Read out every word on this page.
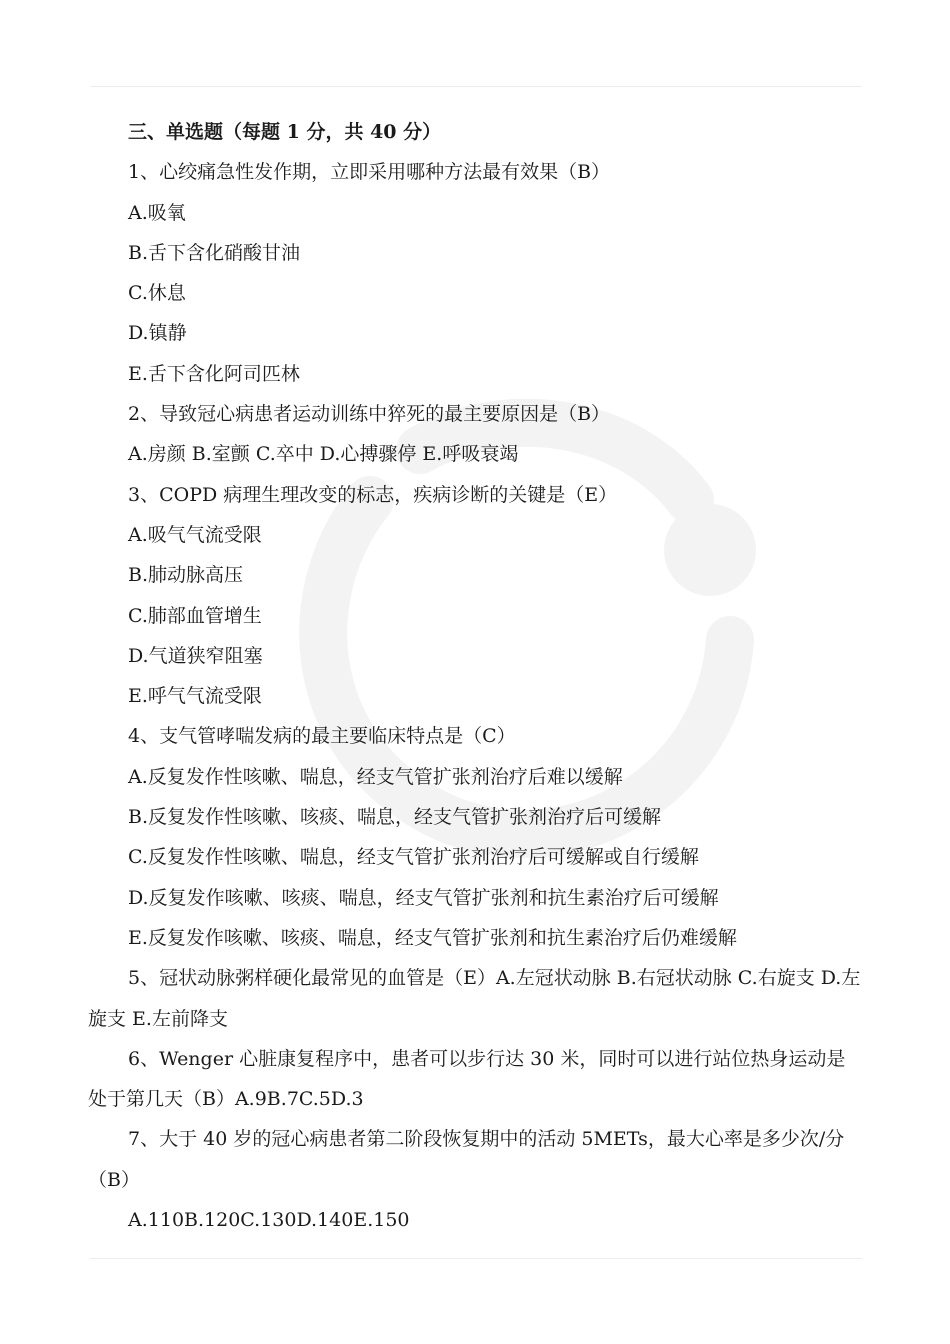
三、单选题（每题 1 分，共 40 分）
1、心绞痛急性发作期，立即采用哪种方法最有效果（B）
A.吸氧
B.舌下含化硝酸甘油
C.休息
D.镇静
E.舌下含化阿司匹林
2、导致冠心病患者运动训练中猝死的最主要原因是（B）
A.房颜 B.室颤 C.卒中 D.心搏骤停 E.呼吸衰竭
3、COPD 病理生理改变的标志，疾病诊断的关键是（E）
A.吸气气流受限
B.肺动脉高压
C.肺部血管增生
D.气道狭窄阻塞
E.呼气气流受限
4、支气管哮喘发病的最主要临床特点是（C）
A.反复发作性咳嗽、喘息，经支气管扩张剂治疗后难以缓解
B.反复发作性咳嗽、咳痰、喘息，经支气管扩张剂治疗后可缓解
C.反复发作性咳嗽、喘息，经支气管扩张剂治疗后可缓解或自行缓解
D.反复发作咳嗽、咳痰、喘息，经支气管扩张剂和抗生素治疗后可缓解
E.反复发作咳嗽、咳痰、喘息，经支气管扩张剂和抗生素治疗后仍难缓解
5、冠状动脉粥样硬化最常见的血管是（E）A.左冠状动脉 B.右冠状动脉 C.右旋支 D.左旋支 E.左前降支
6、Wenger 心脏康复程序中，患者可以步行达 30 米，同时可以进行站位热身运动是处于第几天（B）A.9B.7C.5D.3
7、大于 40 岁的冠心病患者第二阶段恢复期中的活动 5METs，最大心率是多少次/分（B）
A.110B.120C.130D.140E.150
